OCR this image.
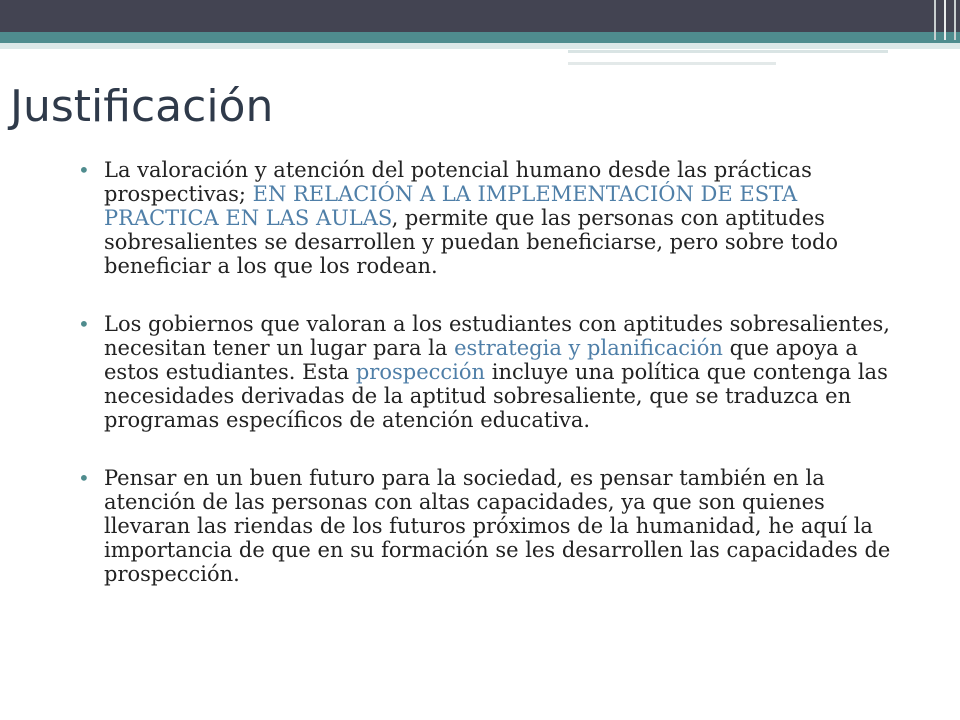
Justificación
• La valoración y atención del potencial humano desde las prácticas prospectivas; EN RELACIÓN A LA IMPLEMENTACIÓN DE ESTA PRACTICA EN LAS AULAS, permite que las personas con aptitudes sobresalientes se desarrollen y puedan beneficiarse, pero sobre todo beneficiar a los que los rodean.
• Los gobiernos que valoran a los estudiantes con aptitudes sobresalientes, necesitan tener un lugar para la estrategia y planificación que apoya a estos estudiantes. Esta prospección incluye una política que contenga las necesidades derivadas de la aptitud sobresaliente, que se traduzca en programas específicos de atención educativa.
• Pensar en un buen futuro para la sociedad, es pensar también en la atención de las personas con altas capacidades, ya que son quienes llevaran las riendas de los futuros próximos de la humanidad, he aquí la importancia de que en su formación se les desarrollen las capacidades de prospección.
